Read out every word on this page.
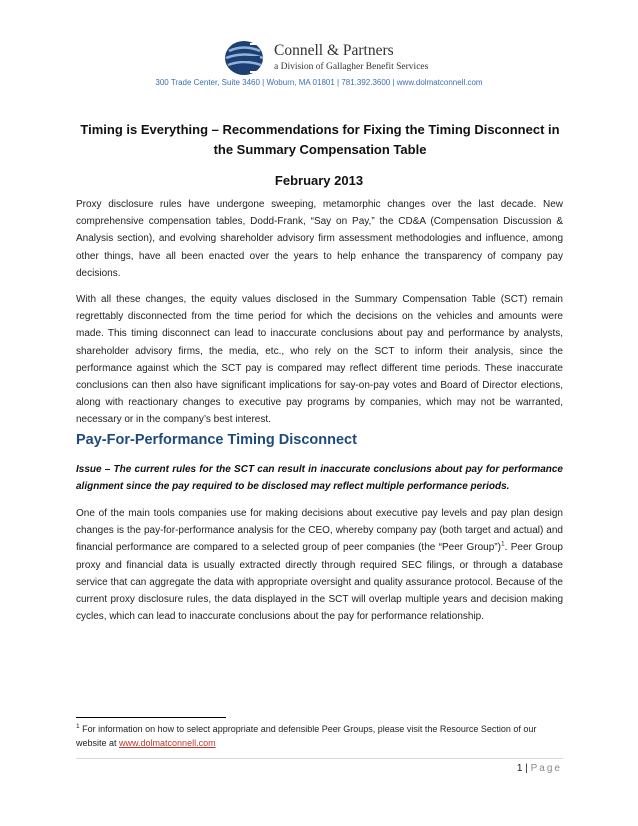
Connell & Partners
a Division of Gallagher Benefit Services
300 Trade Center, Suite 3460 | Woburn, MA 01801 | 781.392.3600 | www.dolmatconnell.com
Timing is Everything – Recommendations for Fixing the Timing Disconnect in the Summary Compensation Table
February 2013

Proxy disclosure rules have undergone sweeping, metamorphic changes over the last decade. New comprehensive compensation tables, Dodd-Frank, “Say on Pay,” the CD&A (Compensation Discussion & Analysis section), and evolving shareholder advisory firm assessment methodologies and influence, among other things, have all been enacted over the years to help enhance the transparency of company pay decisions.

With all these changes, the equity values disclosed in the Summary Compensation Table (SCT) remain regrettably disconnected from the time period for which the decisions on the vehicles and amounts were made. This timing disconnect can lead to inaccurate conclusions about pay and performance by analysts, shareholder advisory firms, the media, etc., who rely on the SCT to inform their analysis, since the performance against which the SCT pay is compared may reflect different time periods. These inaccurate conclusions can then also have significant implications for say-on-pay votes and Board of Director elections, along with reactionary changes to executive pay programs by companies, which may not be warranted, necessary or in the company’s best interest.

Pay-For-Performance Timing Disconnect

Issue – The current rules for the SCT can result in inaccurate conclusions about pay for performance alignment since the pay required to be disclosed may reflect multiple performance periods.

One of the main tools companies use for making decisions about executive pay levels and pay plan design changes is the pay-for-performance analysis for the CEO, whereby company pay (both target and actual) and financial performance are compared to a selected group of peer companies (the “Peer Group”)$^1$. Peer Group proxy and financial data is usually extracted directly through required SEC filings, or through a database service that can aggregate the data with appropriate oversight and quality assurance protocol. Because of the current proxy disclosure rules, the data displayed in the SCT will overlap multiple years and decision making cycles, which can lead to inaccurate conclusions about the pay for performance relationship.

$^1$ For information on how to select appropriate and defensible Peer Groups, please visit the Resource Section of our website at www.dolmatconnell.com

1 | Page
